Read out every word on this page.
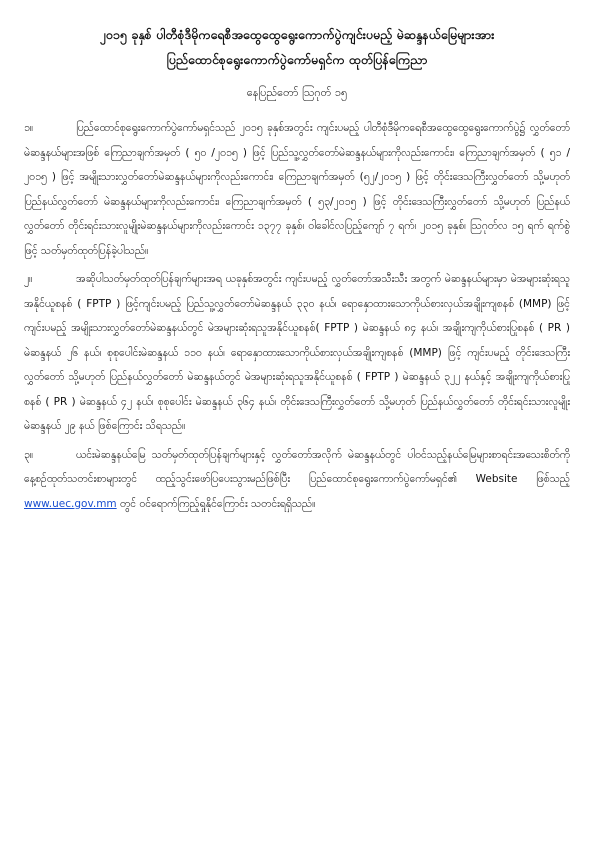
၂၀၁၅ ခုနှစ် ပါတီစုံဒီမိုကရေစီအထွေထွေရွေးကောက်ပွဲကျင်းပမည့် မဲဆန္ဒနယ်မြေများအား

ပြည်ထောင်စုရွေးကောက်ပွဲကော်မရှင်က ထုတ်ပြန်ကြေညာ

နေပြည်တော် ဩဂုတ် ၁၅

၁။	ပြည်ထောင်စုရွေးကောက်ပွဲကော်မရှင်သည် ၂၀၁၅ ခုနှစ်အတွင်း ကျင်းပမည့် ပါတီစုံဒီမိုကရေစီအထွေထွေရွေးကောက်ပွဲ၌ လွှတ်တော်မဲဆန္ဒနယ်များအဖြစ် ကြေညာချက်အမှတ် ( ၅၀ /၂၀၁၅ ) ဖြင့် ပြည်သူ့လွှတ်တော်မဲဆန္ဒနယ်များကိုလည်းကောင်း၊ ကြေညာချက်အမှတ် ( ၅၁ /၂၀၁၅ ) ဖြင့် အမျိုးသားလွှတ်တော်မဲဆန္ဒနယ်များကိုလည်းကောင်း၊ ကြေညာချက်အမှတ် (၅၂/၂၀၁၅ ) ဖြင့် တိုင်းဒေသကြီးလွှတ်တော် သို့မဟုတ် ပြည်နယ်လွှတ်တော် မဲဆန္ဒနယ်များကိုလည်းကောင်း၊ ကြေညာချက်အမှတ် ( ၅၃/၂၀၁၅ ) ဖြင့် တိုင်းဒေသကြီးလွှတ်တော် သို့မဟုတ် ပြည်နယ်လွှတ်တော် တိုင်းရင်းသားလူမျိုးမဲဆန္ဒနယ်များကိုလည်းကောင်း ၁၃၇၇ ခုနှစ်၊ ဝါခေါင်လပြည့်ကျော် ၇ ရက်၊ ၂၀၁၅ ခုနှစ်၊ ဩဂုတ်လ ၁၅ ရက် ရက်စွဲဖြင့် သတ်မှတ်ထုတ်ပြန်ခဲ့ပါသည်။

၂။	အဆိုပါသတ်မှတ်ထုတ်ပြန်ချက်များအရ ယခုနှစ်အတွင်း ကျင်းပမည့် လွှတ်တော်အသီးသီး အတွက် မဲဆန္ဒနယ်များမှာ မဲအများဆုံးရသူအနိုင်ယူစနစ် ( FPTP ) ဖြင့်ကျင်းပမည့် ပြည်သူ့လွှတ်တော်မဲဆန္ဒနယ် ၃၃၀ နယ်၊ ရောနှောထားသောကိုယ်စားလှယ်အချိုးကျစနစ် (MMP) ဖြင့် ကျင်းပမည့် အမျိုးသားလွှတ်တော်မဲဆန္ဒနယ်တွင် မဲအများဆုံးရသူအနိုင်ယူစနစ်( FPTP ) မဲဆန္ဒနယ် ၈၄ နယ်၊ အချိုးကျကိုယ်စားပြုစနစ် ( PR ) မဲဆန္ဒနယ် ၂၆ နယ်၊ စုစုပေါင်းမဲဆန္ဒနယ် ၁၁၀ နယ်၊ ရောနှောထားသောကိုယ်စားလှယ်အချိုးကျစနစ် (MMP) ဖြင့် ကျင်းပမည့် တိုင်းဒေသကြီးလွှတ်တော် သို့မဟုတ် ပြည်နယ်လွှတ်တော် မဲဆန္ဒနယ်တွင် မဲအများဆုံးရသူအနိုင်ယူစနစ် ( FPTP ) မဲဆန္ဒနယ် ၃၂၂ နယ်နှင့် အချိုးကျကိုယ်စားပြုစနစ် ( PR ) မဲဆန္ဒနယ် ၄၂ နယ်၊ စုစုပေါင်း မဲဆန္ဒနယ် ၃၆၄ နယ်၊ တိုင်းဒေသကြီးလွှတ်တော် သို့မဟုတ် ပြည်နယ်လွှတ်တော် တိုင်းရင်းသားလူမျိုး မဲဆန္ဒနယ် ၂၉ နယ် ဖြစ်ကြောင်း သိရသည်။

၃။	ယင်းမဲဆန္ဒနယ်မြေ သတ်မှတ်ထုတ်ပြန်ချက်များနှင့် လွှတ်တော်အလိုက် မဲဆန္ဒနယ်တွင် ပါဝင်သည့်နယ်မြေများစာရင်းအသေးစိတ်ကို နေ့စဉ်ထုတ်သတင်းစာများတွင် ထည့်သွင်းဖော်ပြပေးသွားမည်ဖြစ်ပြီး ပြည်ထောင်စုရွေးကောက်ပွဲကော်မရှင်၏ Website ဖြစ်သည့် www.uec.gov.mm တွင် ဝင်ရောက်ကြည့်ရှုနိုင်ကြောင်း သတင်းရရှိသည်။
